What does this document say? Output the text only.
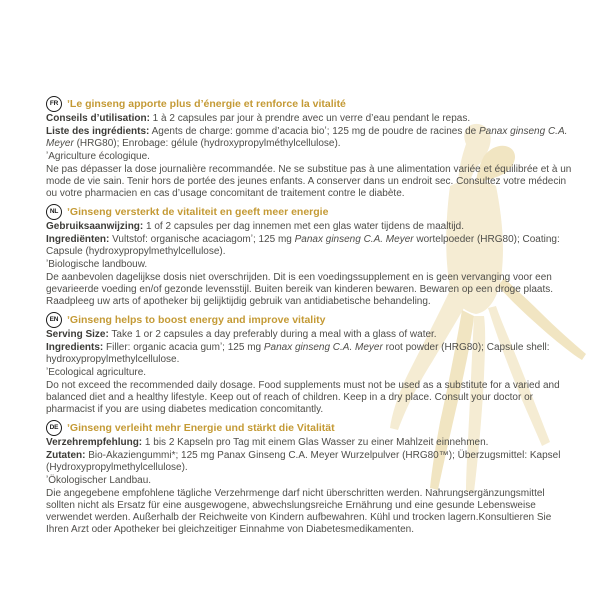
FR ʼLe ginseng apporte plus d’énergie et renforce la vitalité

Conseils d’utilisation: 1 à 2 capsules par jour à prendre avec un verre d’eau pendant le repas.

Liste des ingrédients: Agents de charge: gomme d’acacia bioʼ; 125 mg de poudre de racines de Panax ginseng C.A. Meyer (HRG80); Enrobage: gélule (hydroxypropylméthylcellulose).

ʼAgriculture écologique.

Ne pas dépasser la dose journalière recommandée. Ne se substitue pas à une alimentation variée et équilibrée et à un mode de vie sain. Tenir hors de portée des jeunes enfants. A conserver dans un endroit sec. Consultez votre médecin ou votre pharmacien en cas d’usage concomitant de traitement contre le diabète.

NL ʼGinseng versterkt de vitaliteit en geeft meer energie

Gebruiksaanwijzing: 1 of 2 capsules per dag innemen met een glas water tijdens de maaltijd.

Ingrediënten: Vultstof: organische acaciagomʼ; 125 mg Panax ginseng C.A. Meyer wortelpoeder (HRG80); Coating: Capsule (hydroxypropylmethylcellulose).

ʼBiologische landbouw.

De aanbevolen dagelijkse dosis niet overschrijden. Dit is een voedingssupplement en is geen vervanging voor een gevarieerde voeding en/of gezonde levensstijl. Buiten bereik van kinderen bewaren. Bewaren op een droge plaats. Raadpleeg uw arts of apotheker bij gelijktijdig gebruik van antidiabetische behandeling.

EN ʼGinseng helps to boost energy and improve vitality

Serving Size: Take 1 or 2 capsules a day preferably during a meal with a glass of water.

Ingredients: Filler: organic acacia gumʼ; 125 mg Panax ginseng C.A. Meyer root powder (HRG80); Capsule shell: hydroxypropylmethylcellulose.

ʼEcological agriculture.

Do not exceed the recommended daily dosage. Food supplements must not be used as a substitute for a varied and balanced diet and a healthy lifestyle. Keep out of reach of children. Keep in a dry place. Consult your doctor or pharmacist if you are using diabetes medication concomitantly.

DE ʼGinseng verleiht mehr Energie und stärkt die Vitalität

Verzehrempfehlung: 1 bis 2 Kapseln pro Tag mit einem Glas Wasser zu einer Mahlzeit einnehmen.

Zutaten: Bio-Akaziengummi*; 125 mg Panax Ginseng C.A. Meyer Wurzelpulver (HRG80™); Überzugsmittel: Kapsel (Hydroxypropylmethylcellulose).

ʼÖkologischer Landbau.

Die angegebene empfohlene tägliche Verzehrmenge darf nicht überschritten werden. Nahrungsergänzungsmittel sollten nicht als Ersatz für eine ausgewogene, abwechslungsreiche Ernährung und eine gesunde Lebensweise verwendet werden. Außerhalb der Reichweite von Kindern aufbewahren. Kühl und trocken lagern.Konsultieren Sie Ihren Arzt oder Apotheker bei gleichzeitiger Einnahme von Diabetesmedikamenten.
